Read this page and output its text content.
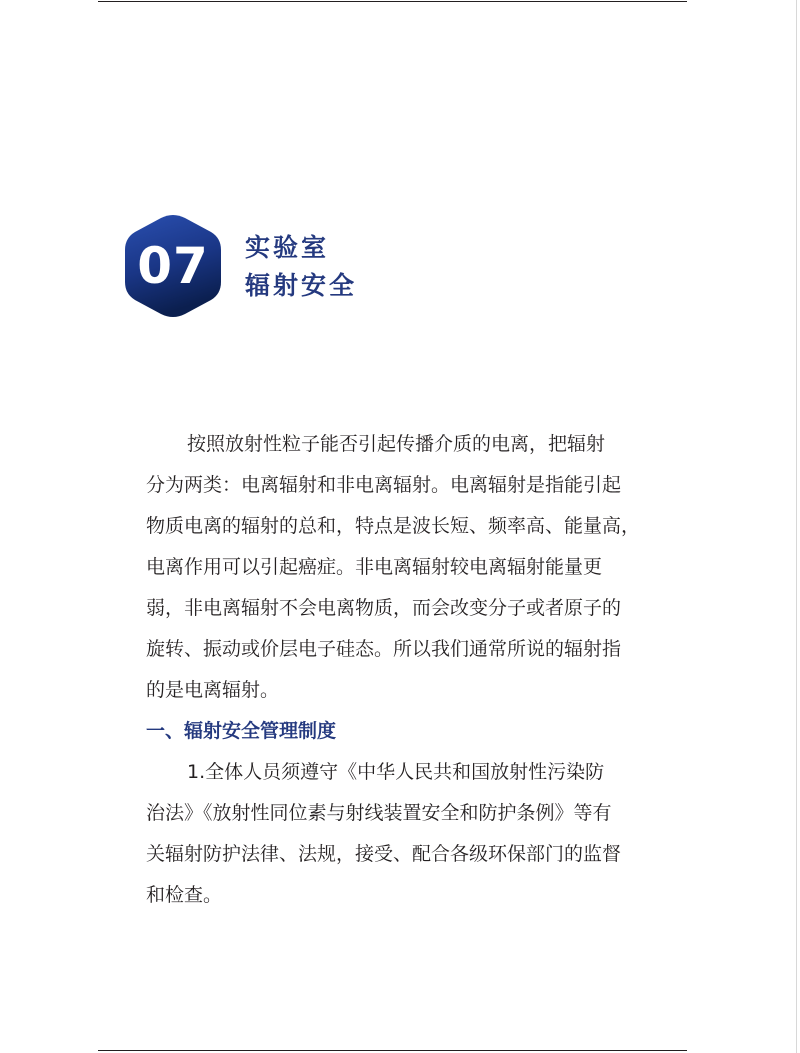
07	实验室
辐射安全
按照放射性粒子能否引起传播介质的电离，把辐射
分为两类：电离辐射和非电离辐射。电离辐射是指能引起
物质电离的辐射的总和，特点是波长短、频率高、能量高，
电离作用可以引起癌症。非电离辐射较电离辐射能量更
弱，非电离辐射不会电离物质，而会改变分子或者原子的
旋转、振动或价层电子硅态。所以我们通常所说的辐射指
的是电离辐射。
一、辐射安全管理制度
1.全体人员须遵守《中华人民共和国放射性污染防
治法》《放射性同位素与射线装置安全和防护条例》等有
关辐射防护法律、法规，接受、配合各级环保部门的监督
和检查。
